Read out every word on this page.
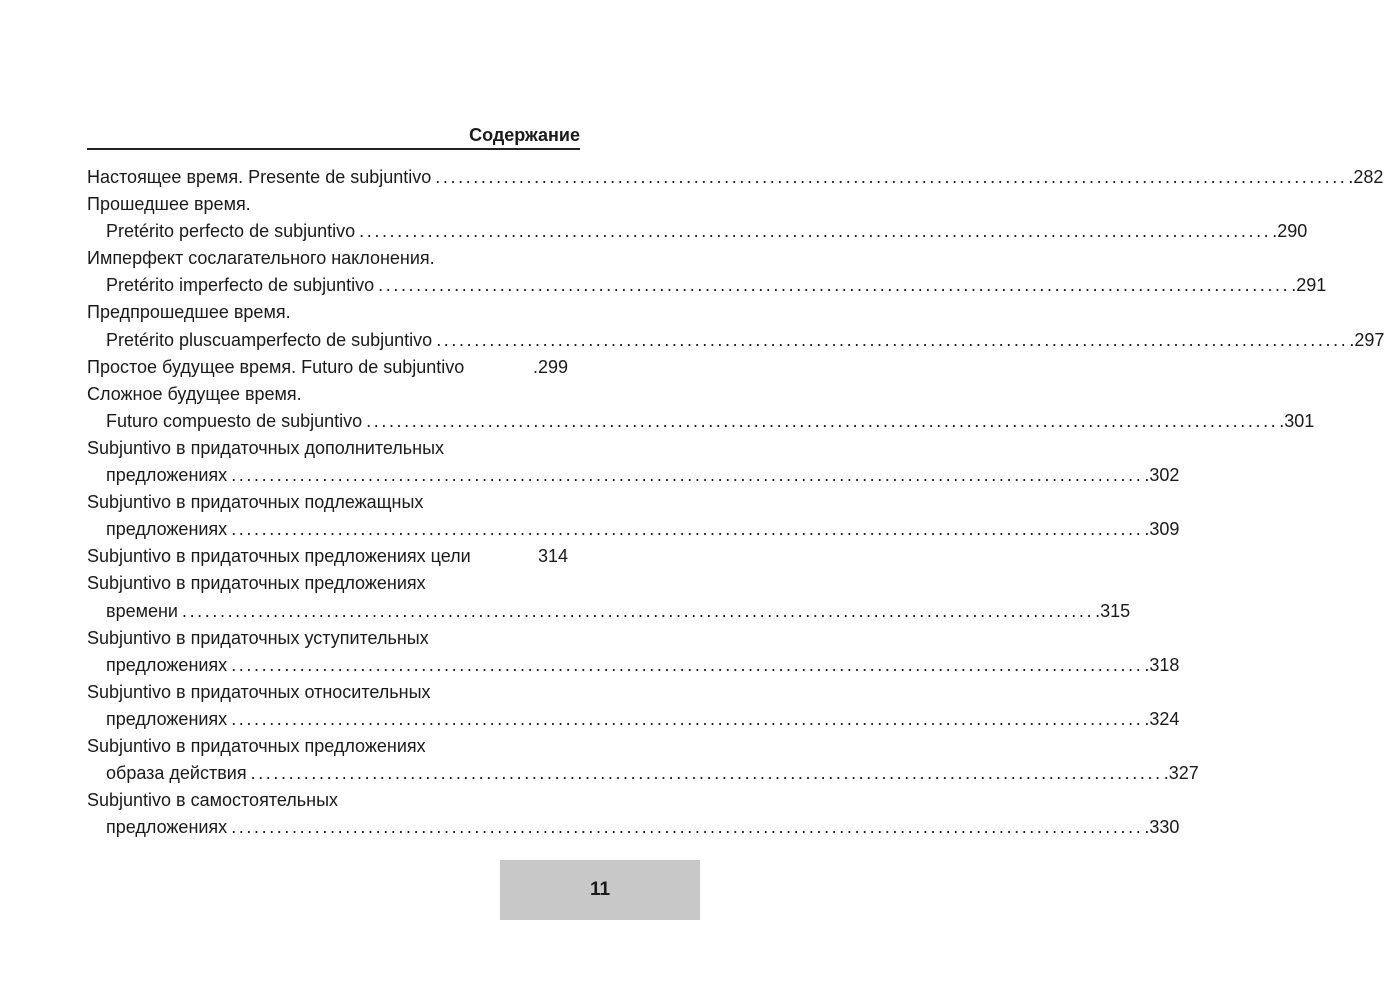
Содержание
Настоящее время. Presente de subjuntivo ........................................................................................................................ .282
Прошедшее время.
Pretérito perfecto de subjuntivo ........................................................................................................................ .290
Имперфект сослагательного наклонения.
Pretérito imperfecto de subjuntivo ........................................................................................................................ .291
Предпрошедшее время.
Pretérito pluscuamperfecto de subjuntivo ........................................................................................................................ .297
Простое будущее время. Futuro de subjuntivo	.299
Сложное будущее время.
Futuro compuesto de subjuntivo ........................................................................................................................ .301
Subjuntivo в придаточных дополнительных
предложениях ........................................................................................................................ .302
Subjuntivo в придаточных подлежащных
предложениях ........................................................................................................................ .309
Subjuntivo в придаточных предложениях цели	314
Subjuntivo в придаточных предложениях
времени ........................................................................................................................ .315
Subjuntivo в придаточных уступительных
предложениях ........................................................................................................................ .318
Subjuntivo в придаточных относительных
предложениях ........................................................................................................................ .324
Subjuntivo в придаточных предложениях
образа действия ........................................................................................................................ .327
Subjuntivo в самостоятельных
предложениях ........................................................................................................................ .330
11
